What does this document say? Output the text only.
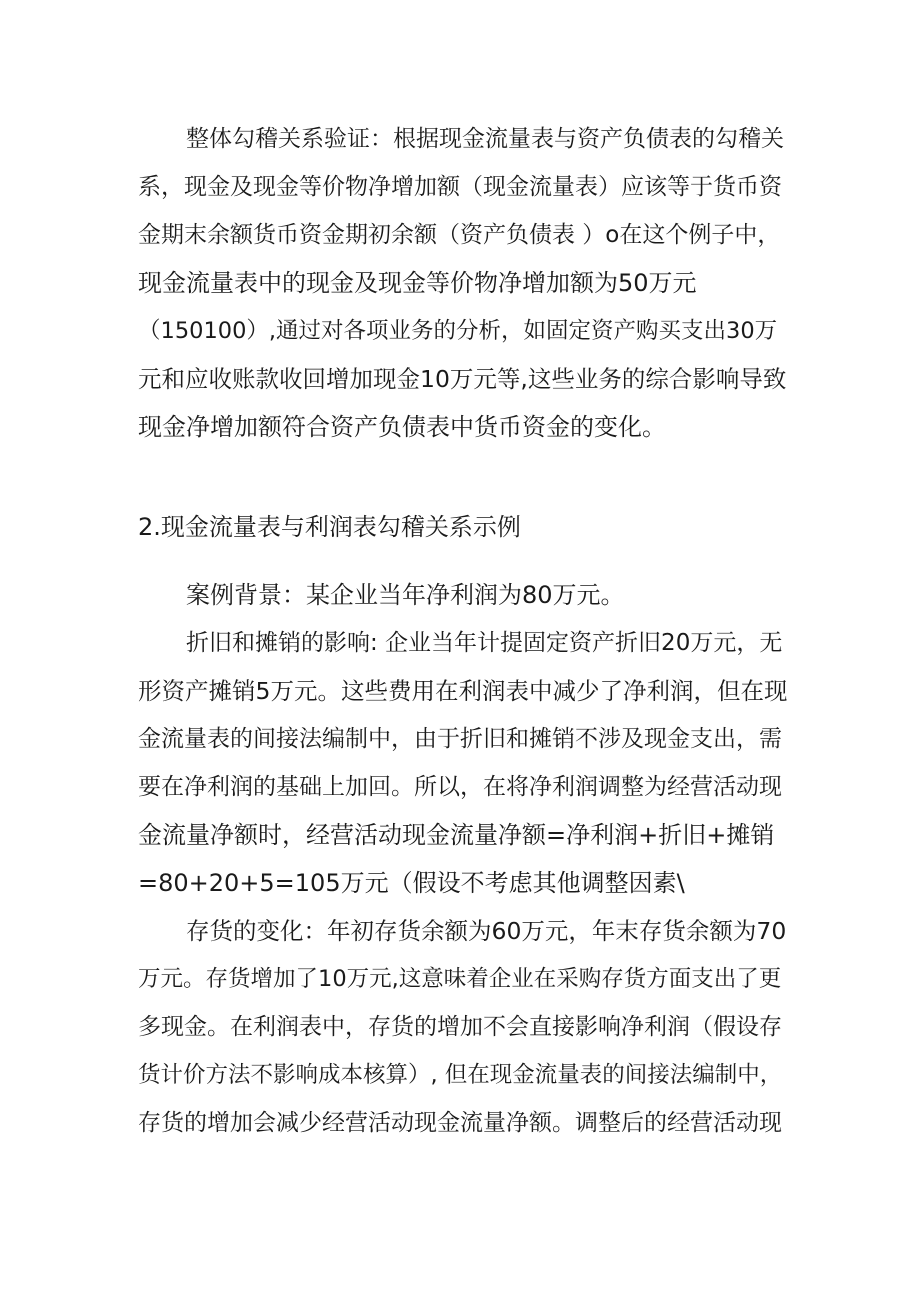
整体勾稽关系验证：根据现金流量表与资产负债表的勾稽关
系，现金及现金等价物净增加额（现金流量表）应该等于货币资
金期末余额货币资金期初余额（资产负债表 ）o在这个例子中，
现金流量表中的现金及现金等价物净增加额为50万元
（150100）,通过对各项业务的分析，如固定资产购买支出30万
元和应收账款收回增加现金10万元等,这些业务的综合影响导致
现金净增加额符合资产负债表中货币资金的变化。
2.现金流量表与利润表勾稽关系示例
案例背景：某企业当年净利润为80万元。
折旧和摊销的影响: 企业当年计提固定资产折旧20万元，无
形资产摊销5万元。这些费用在利润表中减少了净利润，但在现
金流量表的间接法编制中，由于折旧和摊销不涉及现金支出，需
要在净利润的基础上加回。所以，在将净利润调整为经营活动现
金流量净额时，经营活动现金流量净额=净利润+折旧+摊销
=80+20+5=105万元（假设不考虑其他调整因素\
存货的变化：年初存货余额为60万元，年末存货余额为70
万元。存货增加了10万元,这意味着企业在采购存货方面支出了更
多现金。在利润表中，存货的增加不会直接影响净利润（假设存
货计价方法不影响成本核算）, 但在现金流量表的间接法编制中，
存货的增加会减少经营活动现金流量净额。调整后的经营活动现
